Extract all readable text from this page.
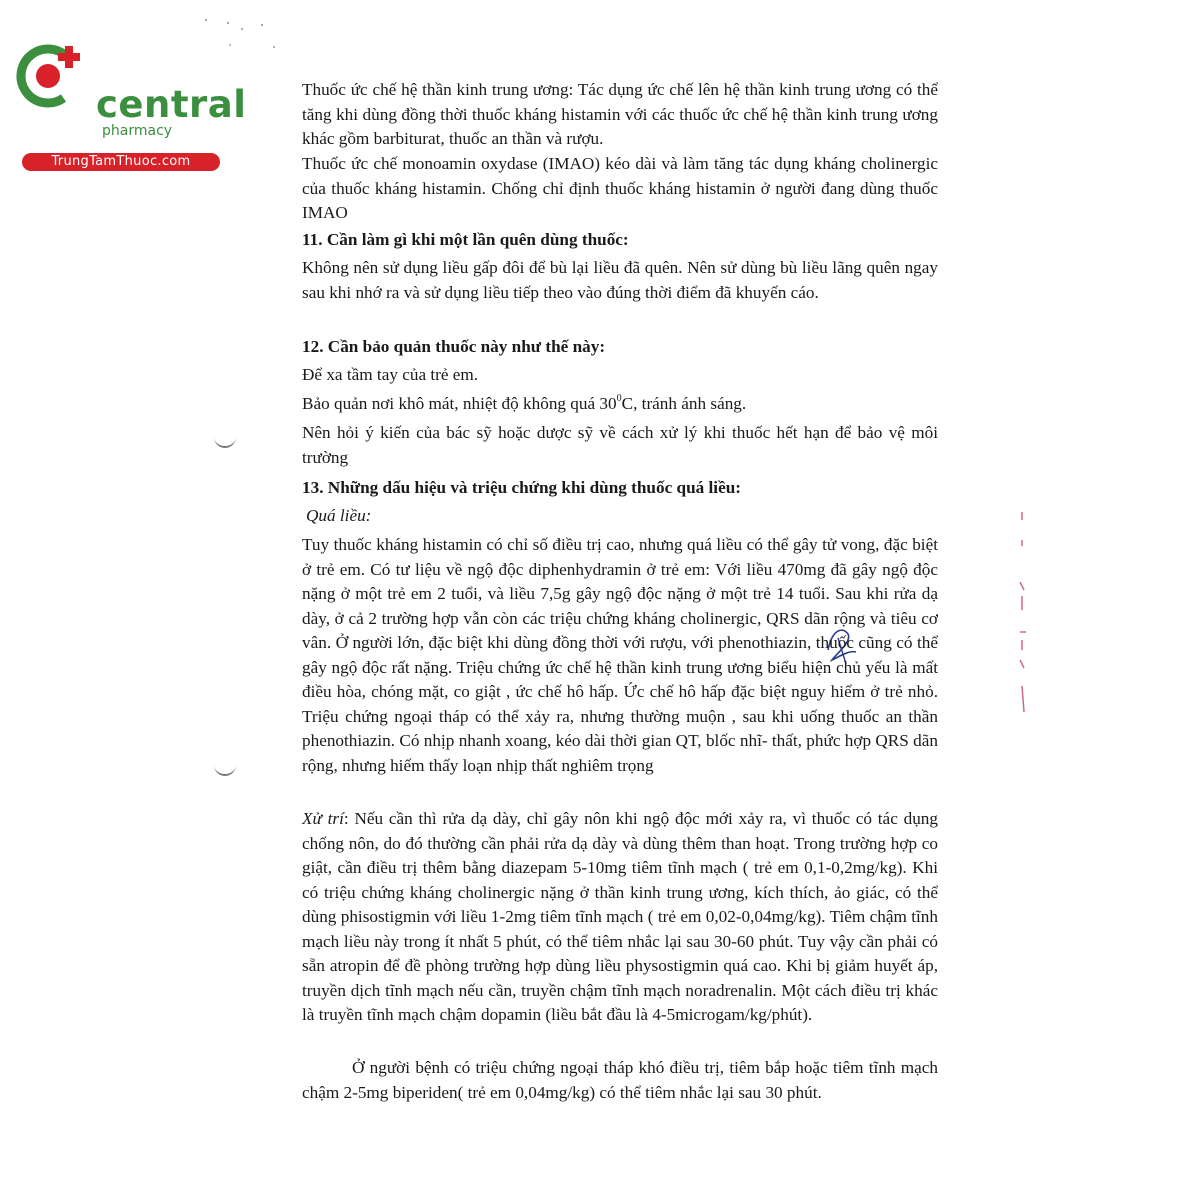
central
pharmacy
TrungTamThuoc.com

Thuốc ức chế hệ thần kinh trung ương: Tác dụng ức chế lên hệ thần kinh trung ương có thể tăng khi dùng đồng thời thuốc kháng histamin với các thuốc ức chế hệ thần kinh trung ương khác gồm barbiturat, thuốc an thần và rượu.

Thuốc ức chế monoamin oxydase (IMAO) kéo dài và làm tăng tác dụng kháng cholinergic của thuốc kháng histamin. Chống chỉ định thuốc kháng histamin ở người đang dùng thuốc IMAO

11. Cần làm gì khi một lần quên dùng thuốc:

Không nên sử dụng liều gấp đôi để bù lại liều đã quên. Nên sử dùng bù liều lãng quên ngay sau khi nhớ ra và sử dụng liều tiếp theo vào đúng thời điểm đã khuyến cáo.

12. Cần bảo quản thuốc này như thế này:

Để xa tầm tay của trẻ em.

Bảo quản nơi khô mát, nhiệt độ không quá $30^0C$, tránh ánh sáng.

Nên hỏi ý kiến của bác sỹ hoặc dược sỹ về cách xử lý khi thuốc hết hạn để bảo vệ môi trường

13. Những dấu hiệu và triệu chứng khi dùng thuốc quá liều:

Quá liều:

Tuy thuốc kháng histamin có chỉ số điều trị cao, nhưng quá liều có thể gây tử vong, đặc biệt ở trẻ em. Có tư liệu về ngộ độc diphenhydramin ở trẻ em: Với liều 470mg đã gây ngộ độc nặng ở một trẻ em 2 tuổi, và liều 7,5g gây ngộ độc nặng ở một trẻ 14 tuổi. Sau khi rửa dạ dày, ở cả 2 trường hợp vẫn còn các triệu chứng kháng cholinergic, QRS dãn rộng và tiêu cơ vân. Ở người lớn, đặc biệt khi dùng đồng thời với rượu, với phenothiazin, thuốc cũng có thể gây ngộ độc rất nặng. Triệu chứng ức chế hệ thần kinh trung ương biểu hiện chủ yếu là mất điều hòa, chóng mặt, co giật , ức chế hô hấp. Ức chế hô hấp đặc biệt nguy hiểm ở trẻ nhỏ. Triệu chứng ngoại tháp có thể xảy ra, nhưng thường muộn , sau khi uống thuốc an thần phenothiazin. Có nhịp nhanh xoang, kéo dài thời gian QT, blốc nhĩ- thất, phức hợp QRS dãn rộng, nhưng hiếm thấy loạn nhịp thất nghiêm trọng

Xử trí: Nếu cần thì rửa dạ dày, chỉ gây nôn khi ngộ độc mới xảy ra, vì thuốc có tác dụng chống nôn, do đó thường cần phải rửa dạ dày và dùng thêm than hoạt. Trong trường hợp co giật, cần điều trị thêm bằng diazepam 5-10mg tiêm tĩnh mạch ( trẻ em 0,1-0,2mg/kg). Khi có triệu chứng kháng cholinergic nặng ở thần kinh trung ương, kích thích, ảo giác, có thể dùng phisostigmin với liều 1-2mg tiêm tĩnh mạch ( trẻ em 0,02-0,04mg/kg). Tiêm chậm tĩnh mạch liều này trong ít nhất 5 phút, có thể tiêm nhắc lại sau 30-60 phút. Tuy vậy cần phải có sẵn atropin để đề phòng trường hợp dùng liều physostigmin quá cao. Khi bị giảm huyết áp, truyền dịch tĩnh mạch nếu cần, truyền chậm tĩnh mạch noradrenalin. Một cách điều trị khác là truyền tĩnh mạch chậm dopamin (liều bắt đầu là 4-5microgam/kg/phút).

Ở người bệnh có triệu chứng ngoại tháp khó điều trị, tiêm bắp hoặc tiêm tĩnh mạch chậm 2-5mg biperiden( trẻ em 0,04mg/kg) có thể tiêm nhắc lại sau 30 phút.
